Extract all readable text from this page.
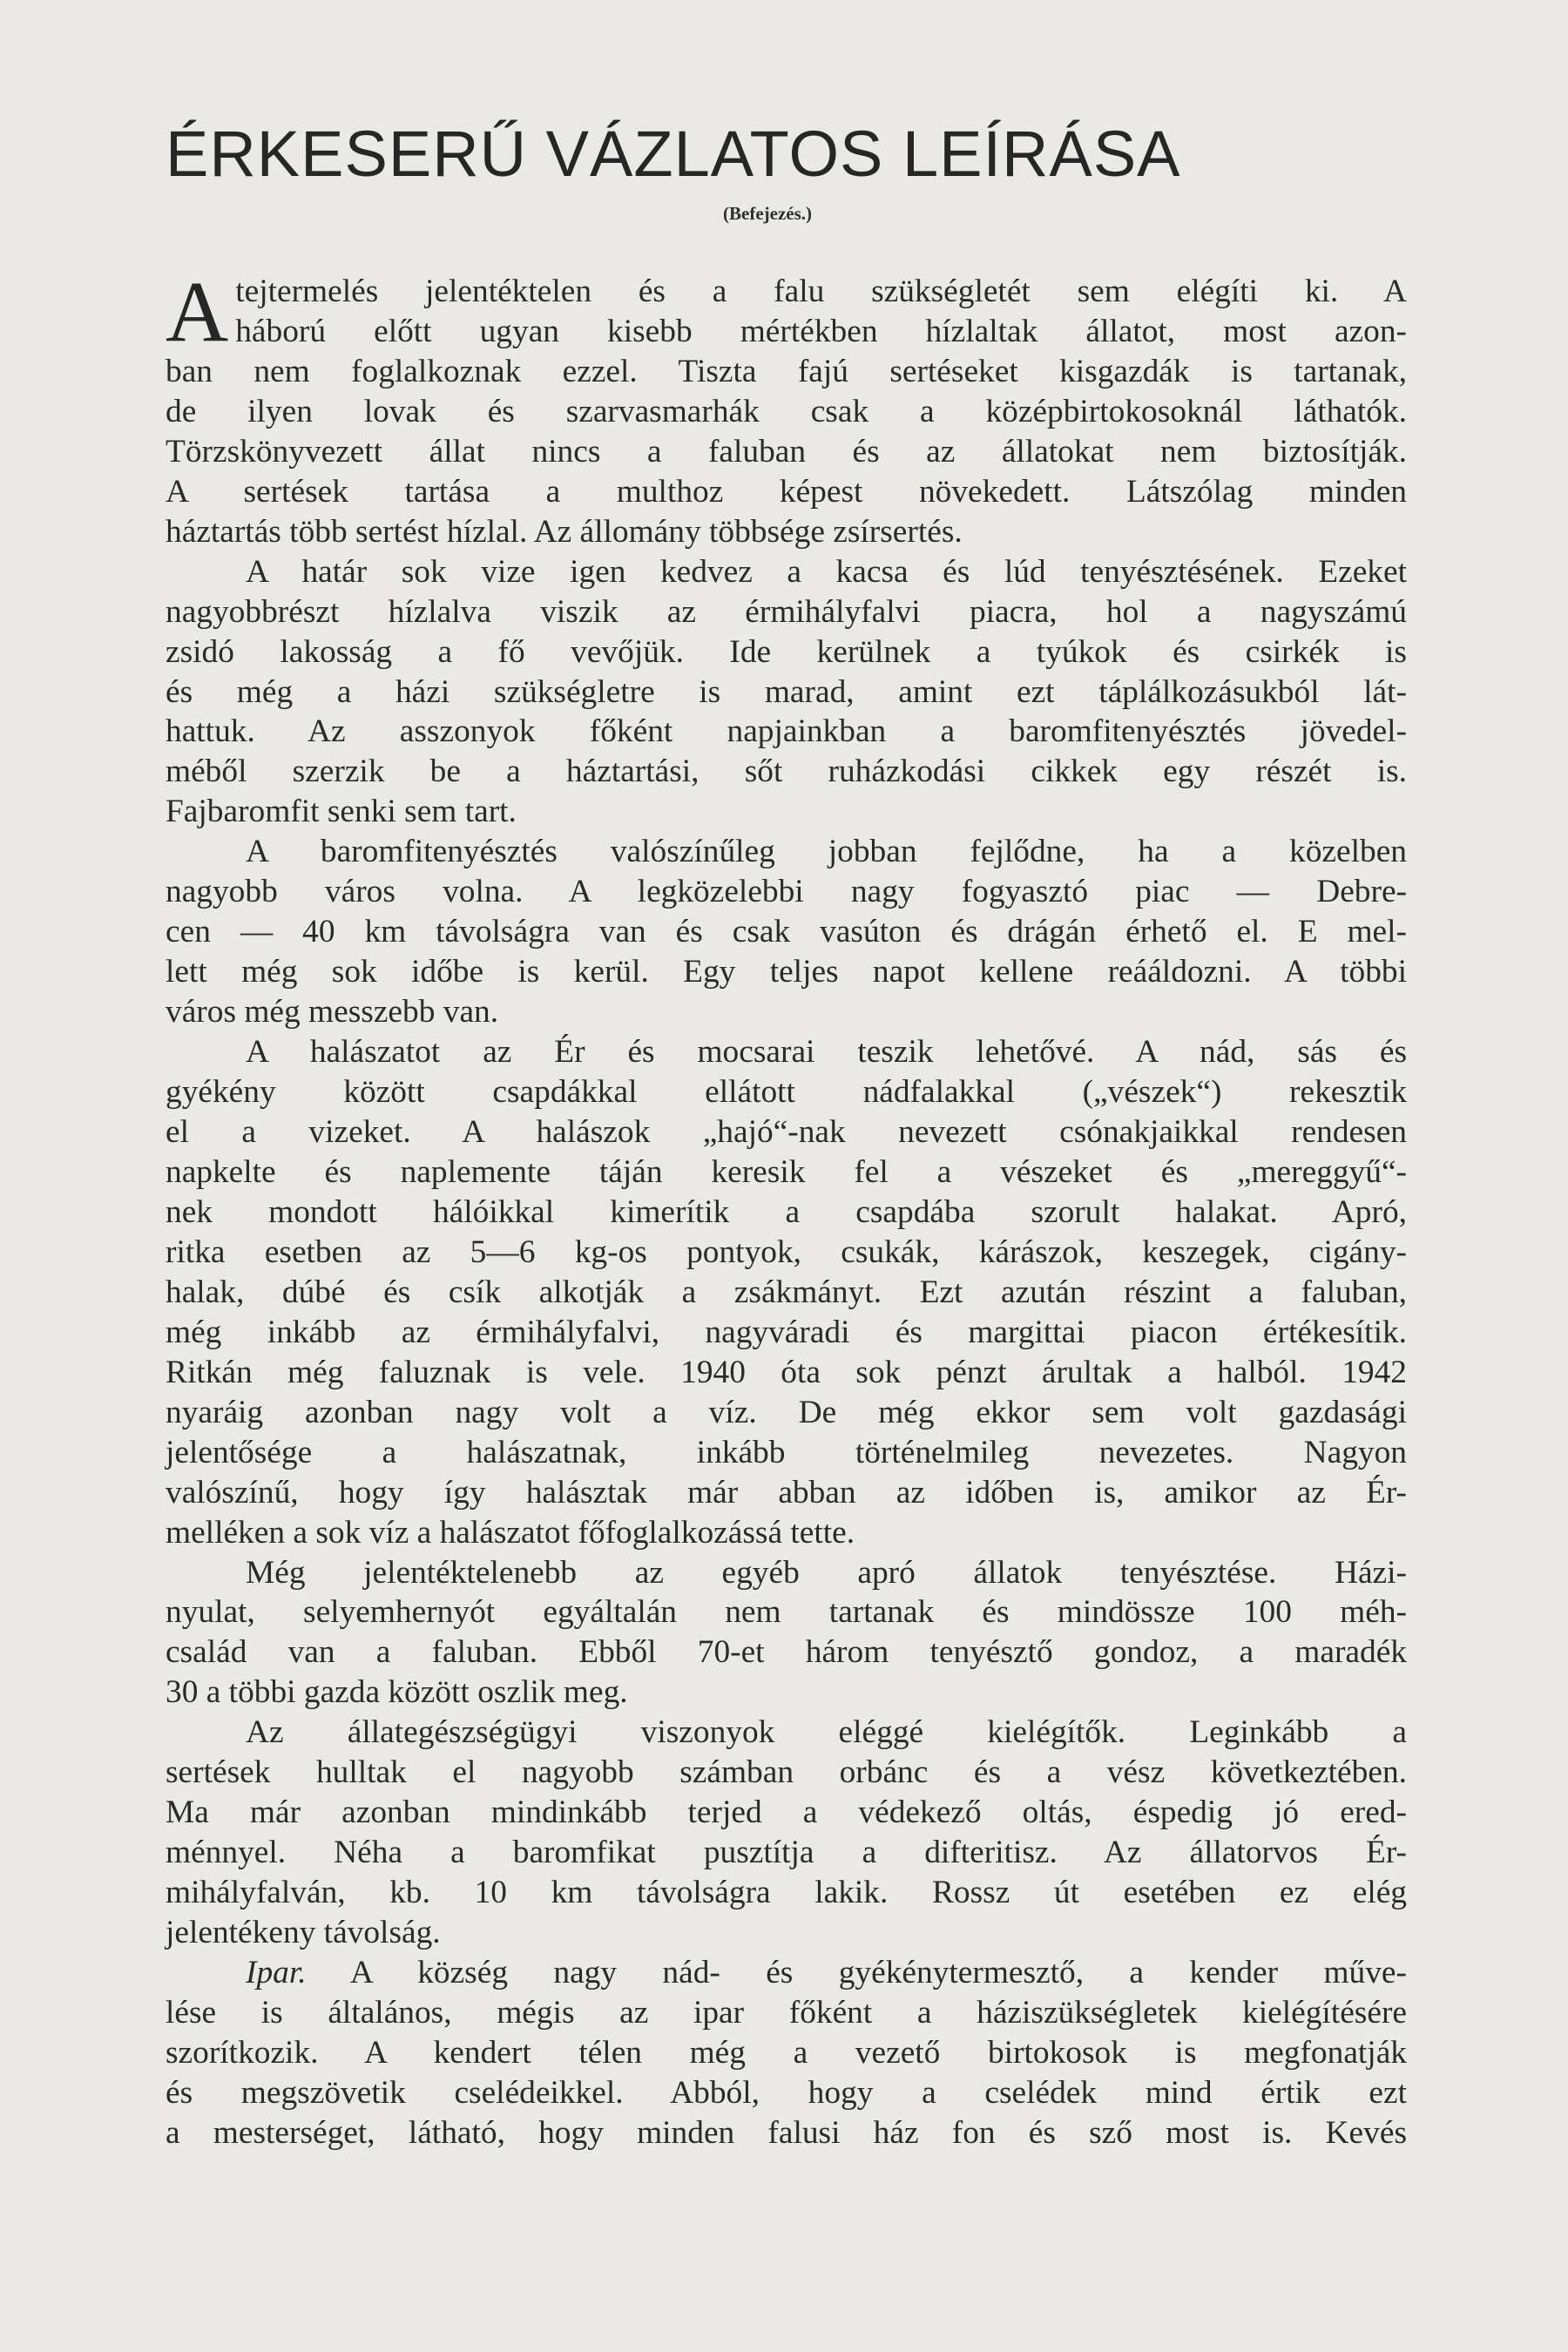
ÉRKESERŰ VÁZLATOS LEÍRÁSA
(Befejezés.)

A tejtermelés jelentéktelen és a falu szükségletét sem elégíti ki. A
háború előtt ugyan kisebb mértékben hízlaltak állatot, most azon-
ban nem foglalkoznak ezzel. Tiszta fajú sertéseket kisgazdák is tartanak,
de ilyen lovak és szarvasmarhák csak a középbirtokosoknál láthatók.
Törzskönyvezett állat nincs a faluban és az állatokat nem biztosítják.
A sertések tartása a multhoz képest növekedett. Látszólag minden
háztartás több sertést hízlal. Az állomány többsége zsírsertés.

A határ sok vize igen kedvez a kacsa és lúd tenyésztésének. Ezeket
nagyobbrészt hízlalva viszik az érmihályfalvi piacra, hol a nagyszámú
zsidó lakosság a fő vevőjük. Ide kerülnek a tyúkok és csirkék is
és még a házi szükségletre is marad, amint ezt táplálkozásukból lát-
hattuk. Az asszonyok főként napjainkban a baromfitenyésztés jövedel-
méből szerzik be a háztartási, sőt ruházkodási cikkek egy részét is.
Fajbaromfit senki sem tart.

A baromfitenyésztés valószínűleg jobban fejlődne, ha a közelben
nagyobb város volna. A legközelebbi nagy fogyasztó piac — Debre-
cen — 40 km távolságra van és csak vasúton és drágán érhető el. E mel-
lett még sok időbe is kerül. Egy teljes napot kellene reááldozni. A többi
város még messzebb van.

A halászatot az Ér és mocsarai teszik lehetővé. A nád, sás és
gyékény között csapdákkal ellátott nádfalakkal („vészek“) rekesztik
el a vizeket. A halászok „hajó“-nak nevezett csónakjaikkal rendesen
napkelte és naplemente táján keresik fel a vészeket és „mereggyű“-
nek mondott hálóikkal kimerítik a csapdába szorult halakat. Apró,
ritka esetben az 5—6 kg-os pontyok, csukák, kárászok, keszegek, cigány-
halak, dúbé és csík alkotják a zsákmányt. Ezt azután részint a faluban,
még inkább az érmihályfalvi, nagyváradi és margittai piacon értékesítik.
Ritkán még faluznak is vele. 1940 óta sok pénzt árultak a halból. 1942
nyaráig azonban nagy volt a víz. De még ekkor sem volt gazdasági
jelentősége a halászatnak, inkább történelmileg nevezetes. Nagyon
valószínű, hogy így halásztak már abban az időben is, amikor az Ér-
melléken a sok víz a halászatot főfoglalkozássá tette.

Még jelentéktelenebb az egyéb apró állatok tenyésztése. Házi-
nyulat, selyemhernyót egyáltalán nem tartanak és mindössze 100 méh-
család van a faluban. Ebből 70-et három tenyésztő gondoz, a maradék
30 a többi gazda között oszlik meg.

Az állategészségügyi viszonyok eléggé kielégítők. Leginkább a
sertések hulltak el nagyobb számban orbánc és a vész következtében.
Ma már azonban mindinkább terjed a védekező oltás, éspedig jó ered-
ménnyel. Néha a baromfikat pusztítja a difteritisz. Az állatorvos Ér-
mihályfalván, kb. 10 km távolságra lakik. Rossz út esetében ez elég
jelentékeny távolság.

Ipar. A község nagy nád- és gyékénytermesztő, a kender műve-
lése is általános, mégis az ipar főként a háziszükségletek kielégítésére
szorítkozik. A kendert télen még a vezető birtokosok is megfonatják
és megszövetik cselédeikkel. Abból, hogy a cselédek mind értik ezt
a mesterséget, látható, hogy minden falusi ház fon és sző most is. Kevés
